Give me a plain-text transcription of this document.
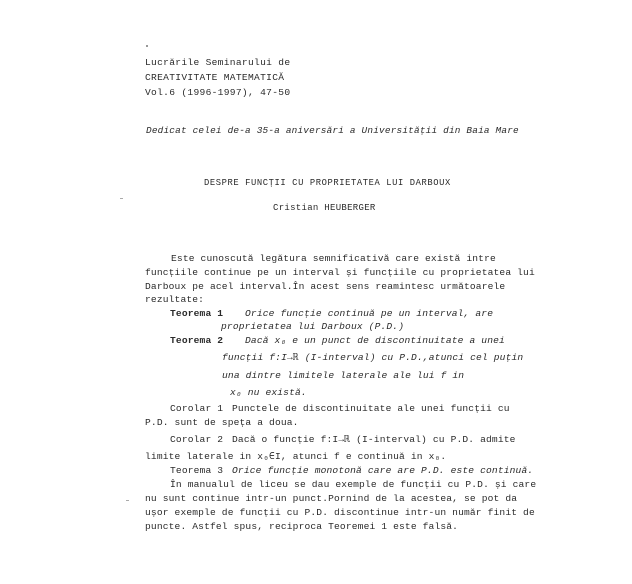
Lucrările Seminarului de
CREATIVITATE MATEMATICĂ
Vol.6 (1996-1997), 47-50
Dedicat celei de-a 35-a aniversări a Universității din Baia Mare
DESPRE FUNCȚII CU PROPRIETATEA LUI DARBOUX
Cristian HEUBERGER
Este cunoscută legătura semnificativă care există intre
funcțiile continue pe un interval și funcțiile cu proprietatea lui
Darboux pe acel interval.În acest sens reamintesc următoarele
rezultate:
Teorema 1 Orice funcție continuă pe un interval, are
proprietatea lui Darboux (P.D.)
Teorema 2 Dacă x₀ e un punct de discontinuitate a unei
funcții f:I→ℝ (I-interval) cu P.D.,atunci cel puțin
una dintre limitele laterale ale lui f in
x₀ nu există.
Corolar 1 Punctele de discontinuitate ale unei funcții cu
P.D. sunt de speța a doua.
Corolar 2 Dacă o funcție f:I→ℝ (I-interval) cu P.D. admite
limite laterale in x₀∈I, atunci f e continuă in x₀.
Teorema 3 Orice funcție monotonă care are P.D. este continuă.
În manualul de liceu se dau exemple de funcții cu P.D. și care
nu sunt continue intr-un punct.Pornind de la acestea, se pot da
ușor exemple de funcții cu P.D. discontinue intr-un număr finit de
puncte. Astfel spus, reciproca Teoremei 1 este falsă.
